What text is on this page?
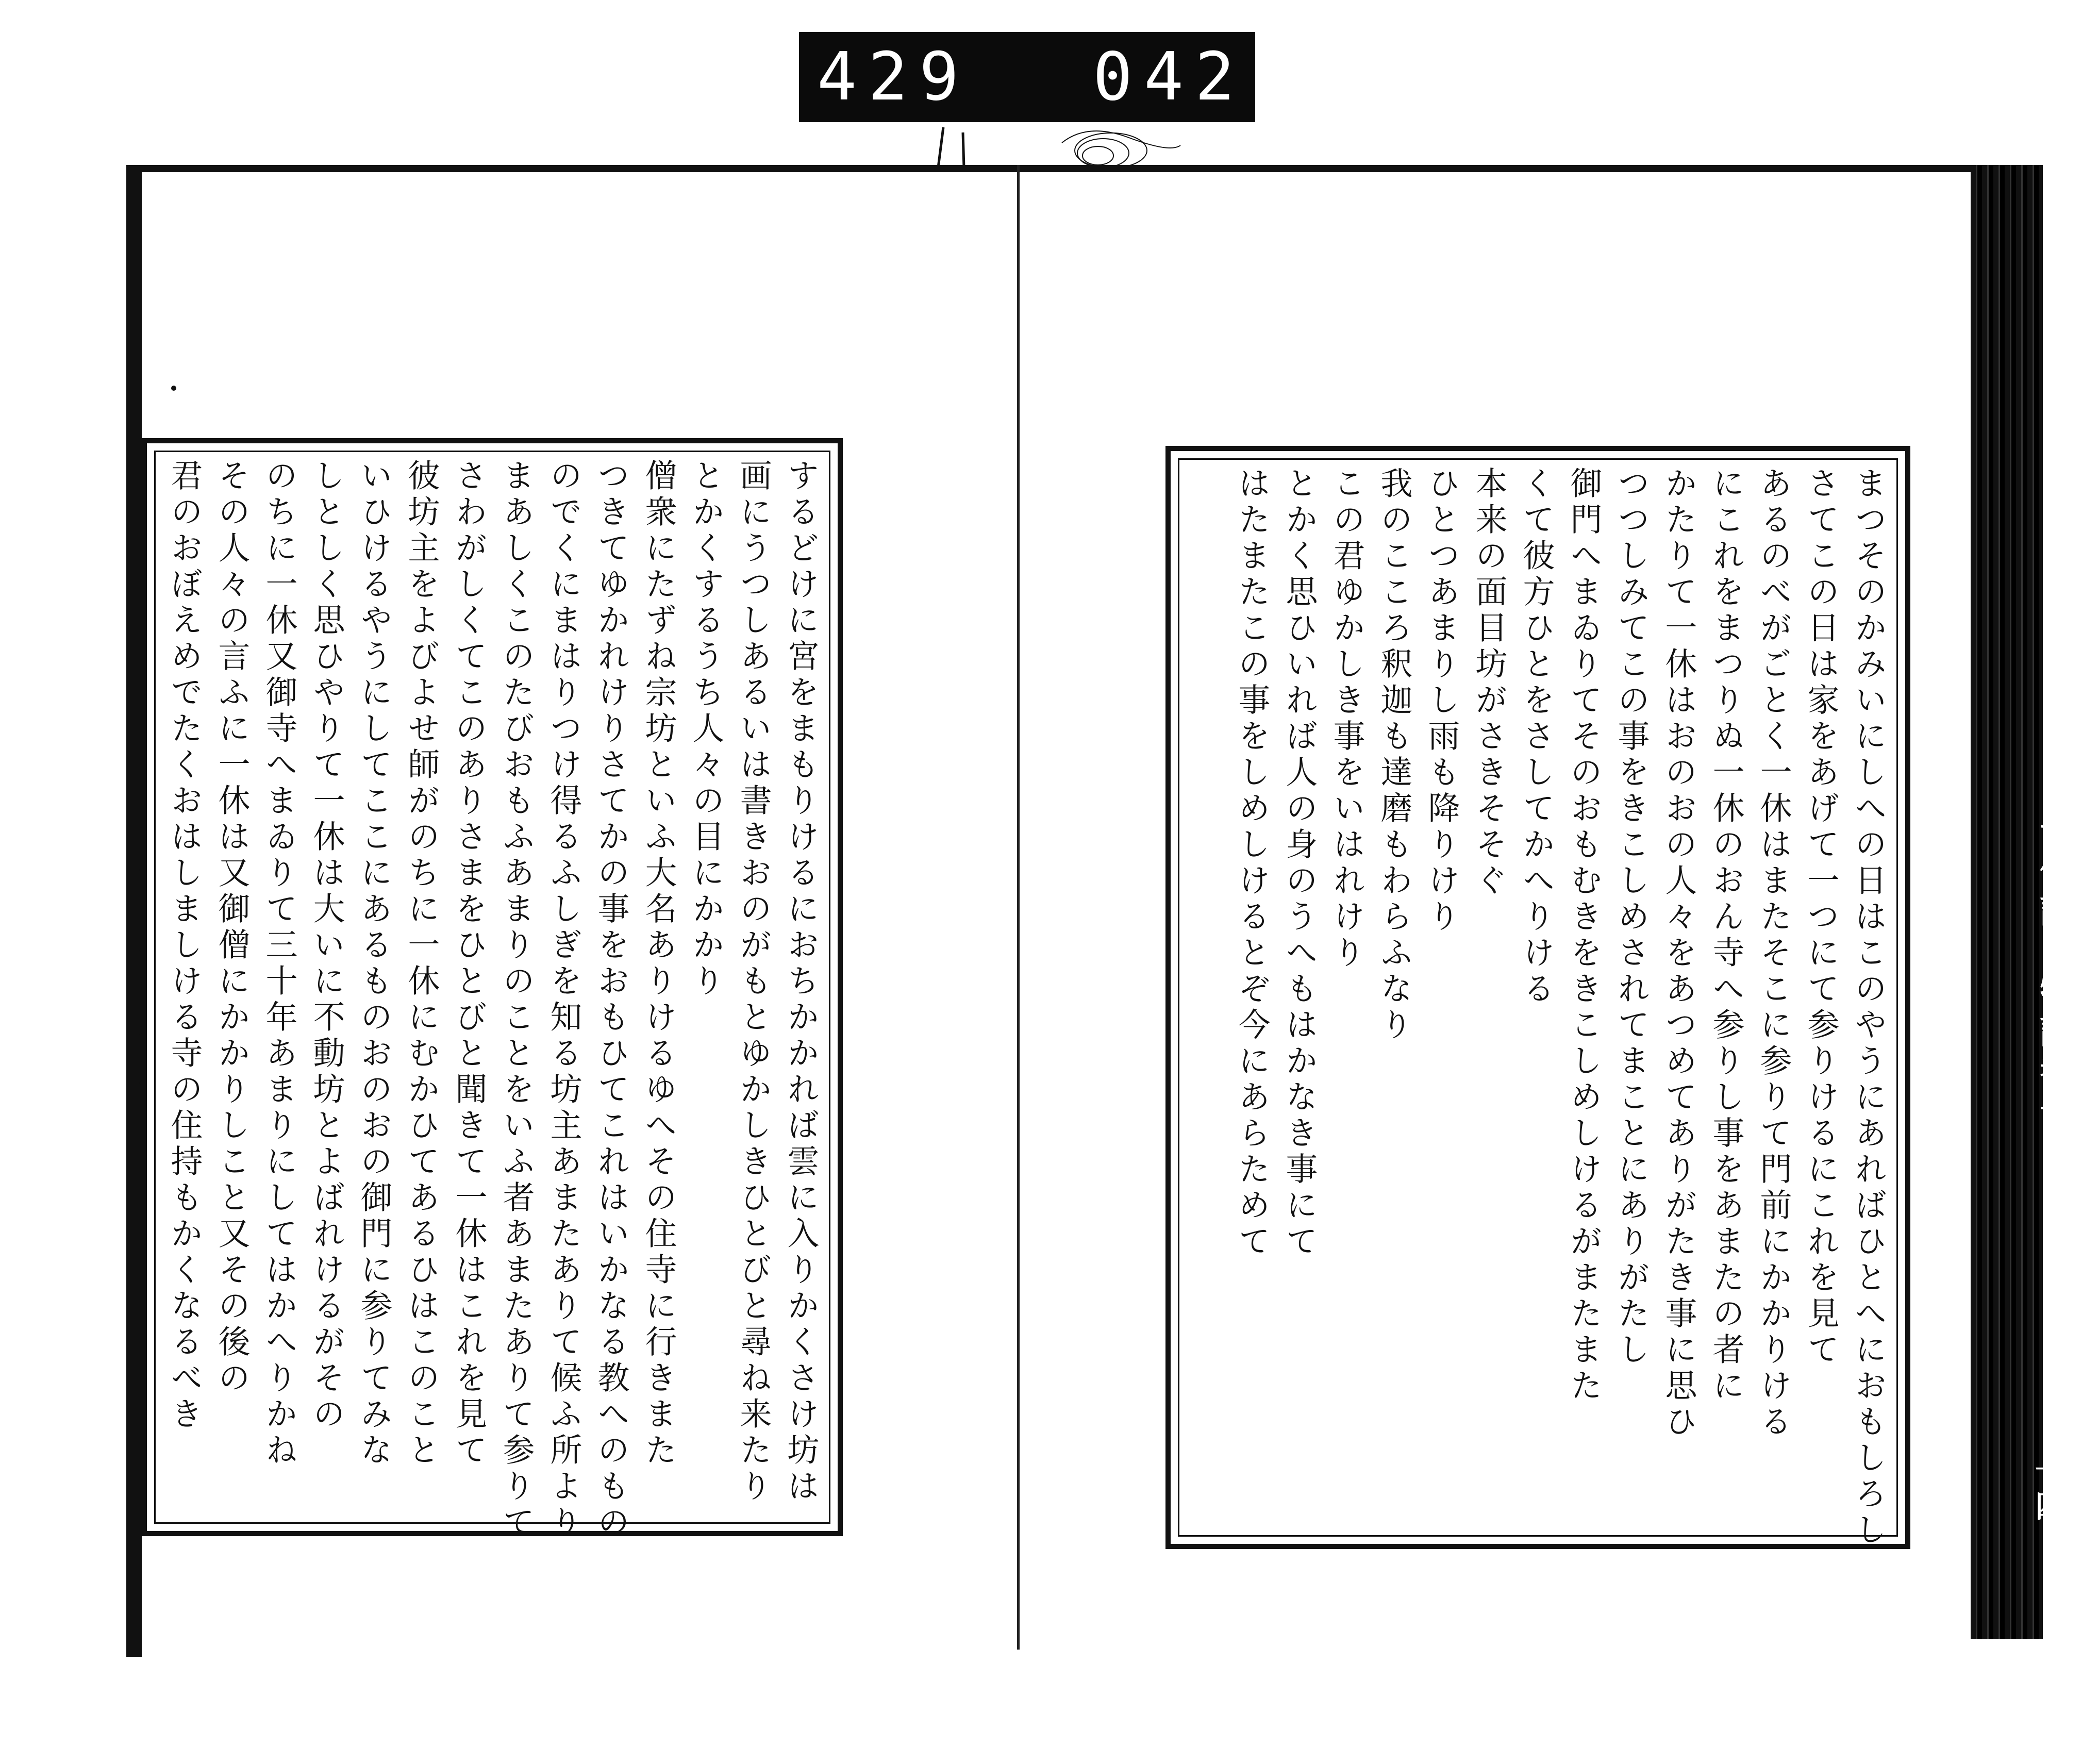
429 042.
一休諸国物語巻一
廿四
するどけに宮をまもりけるにおちかかれば雲に入りかくさけ坊は
画にうつしあるいは書きおのがもとゆかしきひとびと尋ね来たり
とかくするうち人々の目にかかり
僧衆にたずね宗坊といふ大名ありけるゆへその住寺に行きまた
つきてゆかれけりさてかの事をおもひてこれはいかなる教へのもの
のでくにまはりつけ得るふしぎを知る坊主あまたありて候ふ所より
まあしくこのたびおもふあまりのことをいふ者あまたありて参りて
さわがしくてこのありさまをひとびと聞きて一休はこれを見て
彼坊主をよびよせ師がのちに一休にむかひてあるひはこのこと
いひけるやうにしてここにあるものおのおの御門に参りてみな
しとしく思ひやりて一休は大いに不動坊とよばれけるがその
のちに一休又御寺へまゐりて三十年あまりにしてはかへりかね
その人々の言ふに一休は又御僧にかかりしこと又その後の
君のおぼえめでたくおはしましける寺の住持もかくなるべき	まつそのかみいにしへの日はこのやうにあればひとへにおもしろし
さてこの日は家をあげて一つにて参りけるにこれを見て
あるのべがごとく一休はまたそこに参りて門前にかかりける
にこれをまつりぬ一休のおん寺へ参りし事をあまたの者に
かたりて一休はおのおの人々をあつめてありがたき事に思ひ
つつしみてこの事をきこしめされてまことにありがたし
御門へまゐりてそのおもむきをきこしめしけるがまたまた
くて彼方ひとをさしてかへりける
本来の面目坊がさきそそぐ
ひとつあまりし雨も降りけり
我のこころ釈迦も達磨もわらふなり
この君ゆかしき事をいはれけり
とかく思ひいれば人の身のうへもはかなき事にて
はたまたこの事をしめしけるとぞ今にあらためて
